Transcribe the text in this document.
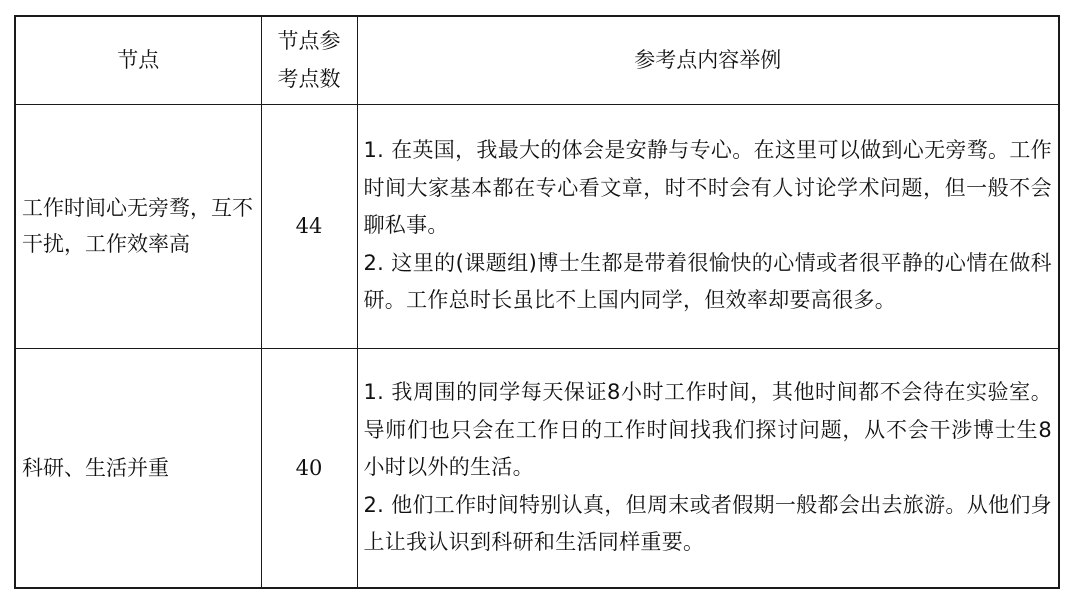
节点	节点参考点数	参考点内容举例
工作时间心无旁骛，互不干扰，工作效率高	44	1. 在英国，我最大的体会是安静与专心。在这里可以做到心无旁骛。工作时间大家基本都在专心看文章，时不时会有人讨论学术问题，但一般不会聊私事。
2. 这里的(课题组)博士生都是带着很愉快的心情或者很平静的心情在做科研。工作总时长虽比不上国内同学，但效率却要高很多。

科研、生活并重	40	1. 我周围的同学每天保证8小时工作时间，其他时间都不会待在实验室。导师们也只会在工作日的工作时间找我们探讨问题，从不会干涉博士生8小时以外的生活。
2. 他们工作时间特别认真，但周末或者假期一般都会出去旅游。从他们身上让我认识到科研和生活同样重要。
